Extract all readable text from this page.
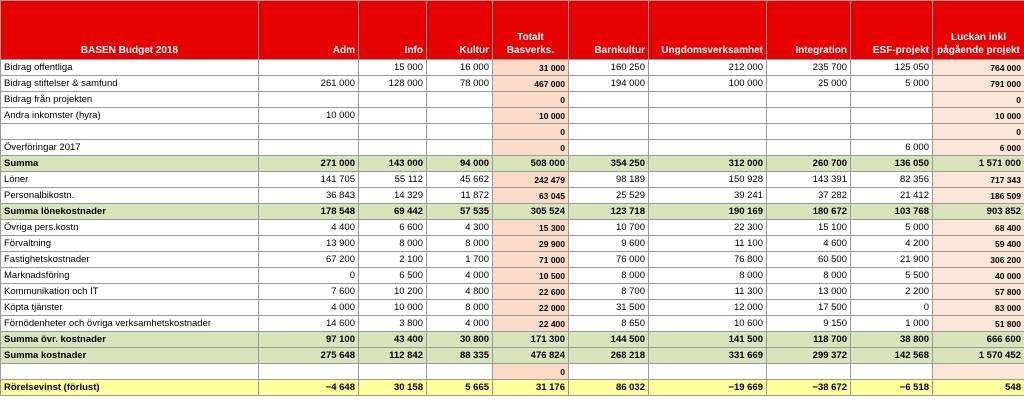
BASEN Budget 2018	Adm	Info	Kultur	Totalt Basverks.	Barnkultur	Ungdomsverksamhet	Integration	ESF-projekt	Luckan inkl pågående projekt
Bidrag offentliga		15 000	16 000	31 000	160 250	212 000	235 700	125 050	764 000
Bidrag stiftelser & samfund	261 000	128 000	78 000	467 000	194 000	100 000	25 000	5 000	791 000
Bidrag från projekten				0					0
Andra inkomster (hyra)	10 000			10 000					10 000
				0					0
Överföringar 2017				0				6 000	6 000
Summa	271 000	143 000	94 000	508 000	354 250	312 000	260 700	136 050	1 571 000
Löner	141 705	55 112	45 662	242 479	98 189	150 928	143 391	82 356	717 343
Personalbikostn.	36 843	14 329	11 872	63 045	25 529	39 241	37 282	21 412	186 509
Summa lönekostnader	178 548	69 442	57 535	305 524	123 718	190 169	180 672	103 768	903 852
Övriga pers.kostn	4 400	6 600	4 300	15 300	10 700	22 300	15 100	5 000	68 400
Förvaltning	13 900	8 000	8 000	29 900	9 600	11 100	4 600	4 200	59 400
Fastighetskostnader	67 200	2 100	1 700	71 000	76 000	76 800	60 500	21 900	306 200
Marknadsföring	0	6 500	4 000	10 500	8 000	8 000	8 000	5 500	40 000
Kommunikation och IT	7 600	10 200	4 800	22 600	8 700	11 300	13 000	2 200	57 800
Köpta tjänster	4 000	10 000	8 000	22 000	31 500	12 000	17 500	0	83 000
Förnödenheter och övriga verksamhetskostnader	14 600	3 800	4 000	22 400	8 650	10 600	9 150	1 000	51 800
Summa övr. kostnader	97 100	43 400	30 800	171 300	144 500	141 500	118 700	38 800	666 600
Summa kostnader	275 648	112 842	88 335	476 824	268 218	331 669	299 372	142 568	1 570 452
				0					
Rörelsevinst (förlust)	−4 648	30 158	5 665	31 176	86 032	−19 669	−38 672	−6 518	548
